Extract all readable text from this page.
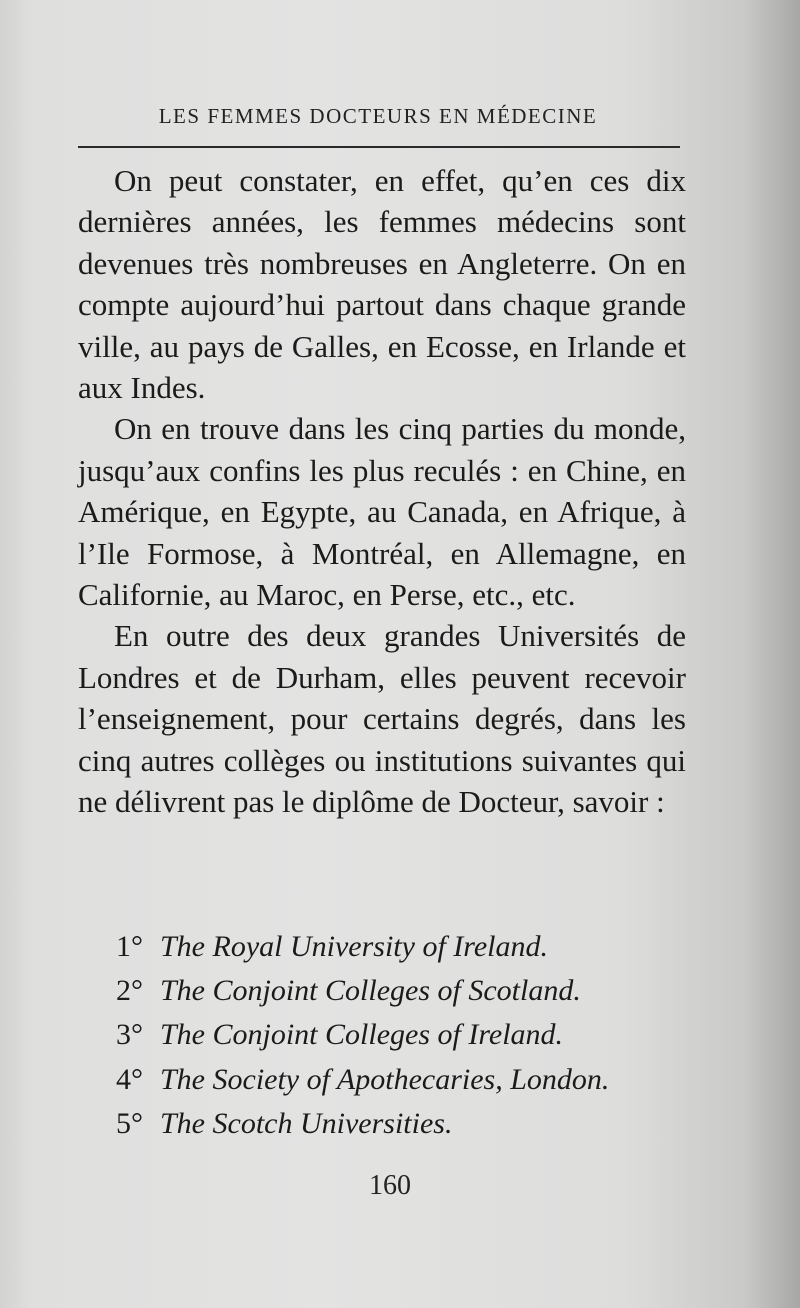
LES FEMMES DOCTEURS EN MÉDECINE

On peut constater, en effet, qu’en ces dix dernières années, les femmes médecins sont devenues très nombreuses en Angleterre. On en compte aujourd’hui partout dans chaque grande ville, au pays de Galles, en Ecosse, en Irlande et aux Indes.

On en trouve dans les cinq parties du monde, jusqu’aux confins les plus reculés : en Chine, en Amérique, en Egypte, au Canada, en Afrique, à l’Ile Formose, à Montréal, en Allemagne, en Californie, au Maroc, en Perse, etc., etc.

En outre des deux grandes Universités de Londres et de Durham, elles peuvent recevoir l’enseignement, pour certains degrés, dans les cinq autres collèges ou institutions suivantes qui ne délivrent pas le diplôme de Docteur, savoir :

1° The Royal University of Ireland.
2° The Conjoint Colleges of Scotland.
3° The Conjoint Colleges of Ireland.
4° The Society of Apothecaries, London.
5° The Scotch Universities.
160
